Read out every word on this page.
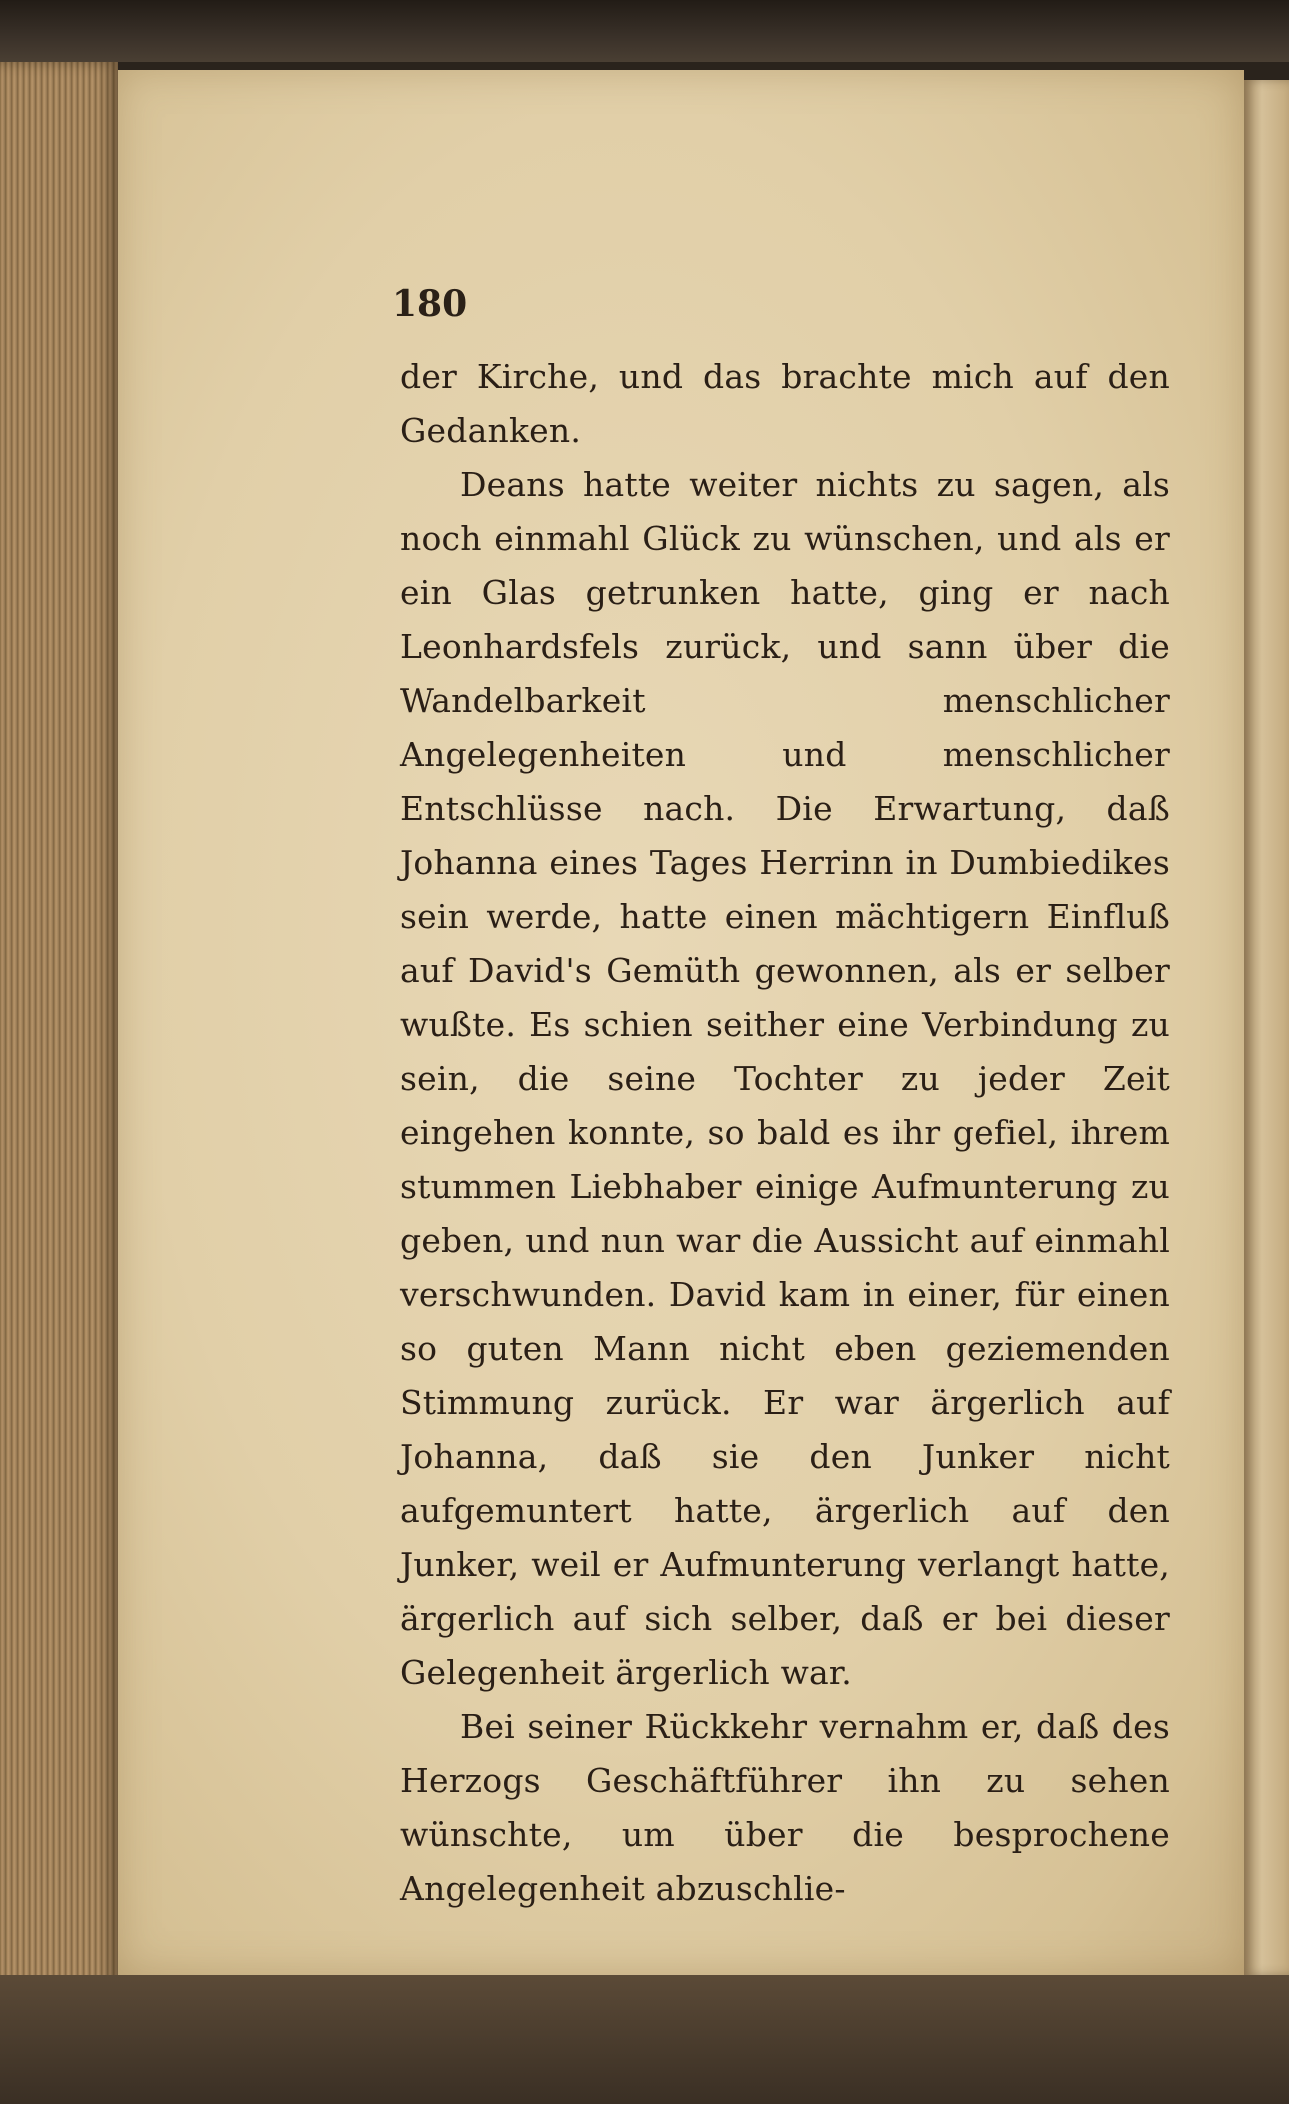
180

der Kirche, und das brachte mich auf den Gedanken.

Deans hatte weiter nichts zu sagen, als noch einmahl Glück zu wünschen, und als er ein Glas getrunken hatte, ging er nach Leonhardsfels zurück, und sann über die Wandelbarkeit menschlicher Angelegenheiten und menschlicher Entschlüsse nach. Die Erwartung, daß Johanna eines Tages Herrinn in Dumbiedikes sein werde, hatte einen mächtigern Einfluß auf David's Gemüth gewonnen, als er selber wußte. Es schien seither eine Verbindung zu sein, die seine Tochter zu jeder Zeit eingehen konnte, so bald es ihr gefiel, ihrem stummen Liebhaber einige Aufmunterung zu geben, und nun war die Aussicht auf einmahl verschwunden. David kam in einer, für einen so guten Mann nicht eben geziemenden Stimmung zurück. Er war ärgerlich auf Johanna, daß sie den Junker nicht aufgemuntert hatte, ärgerlich auf den Junker, weil er Aufmunterung verlangt hatte, ärgerlich auf sich selber, daß er bei dieser Gelegenheit ärgerlich war.

Bei seiner Rückkehr vernahm er, daß des Herzogs Geschäftführer ihn zu sehen wünschte, um über die besprochene Angelegenheit abzuschlie-
